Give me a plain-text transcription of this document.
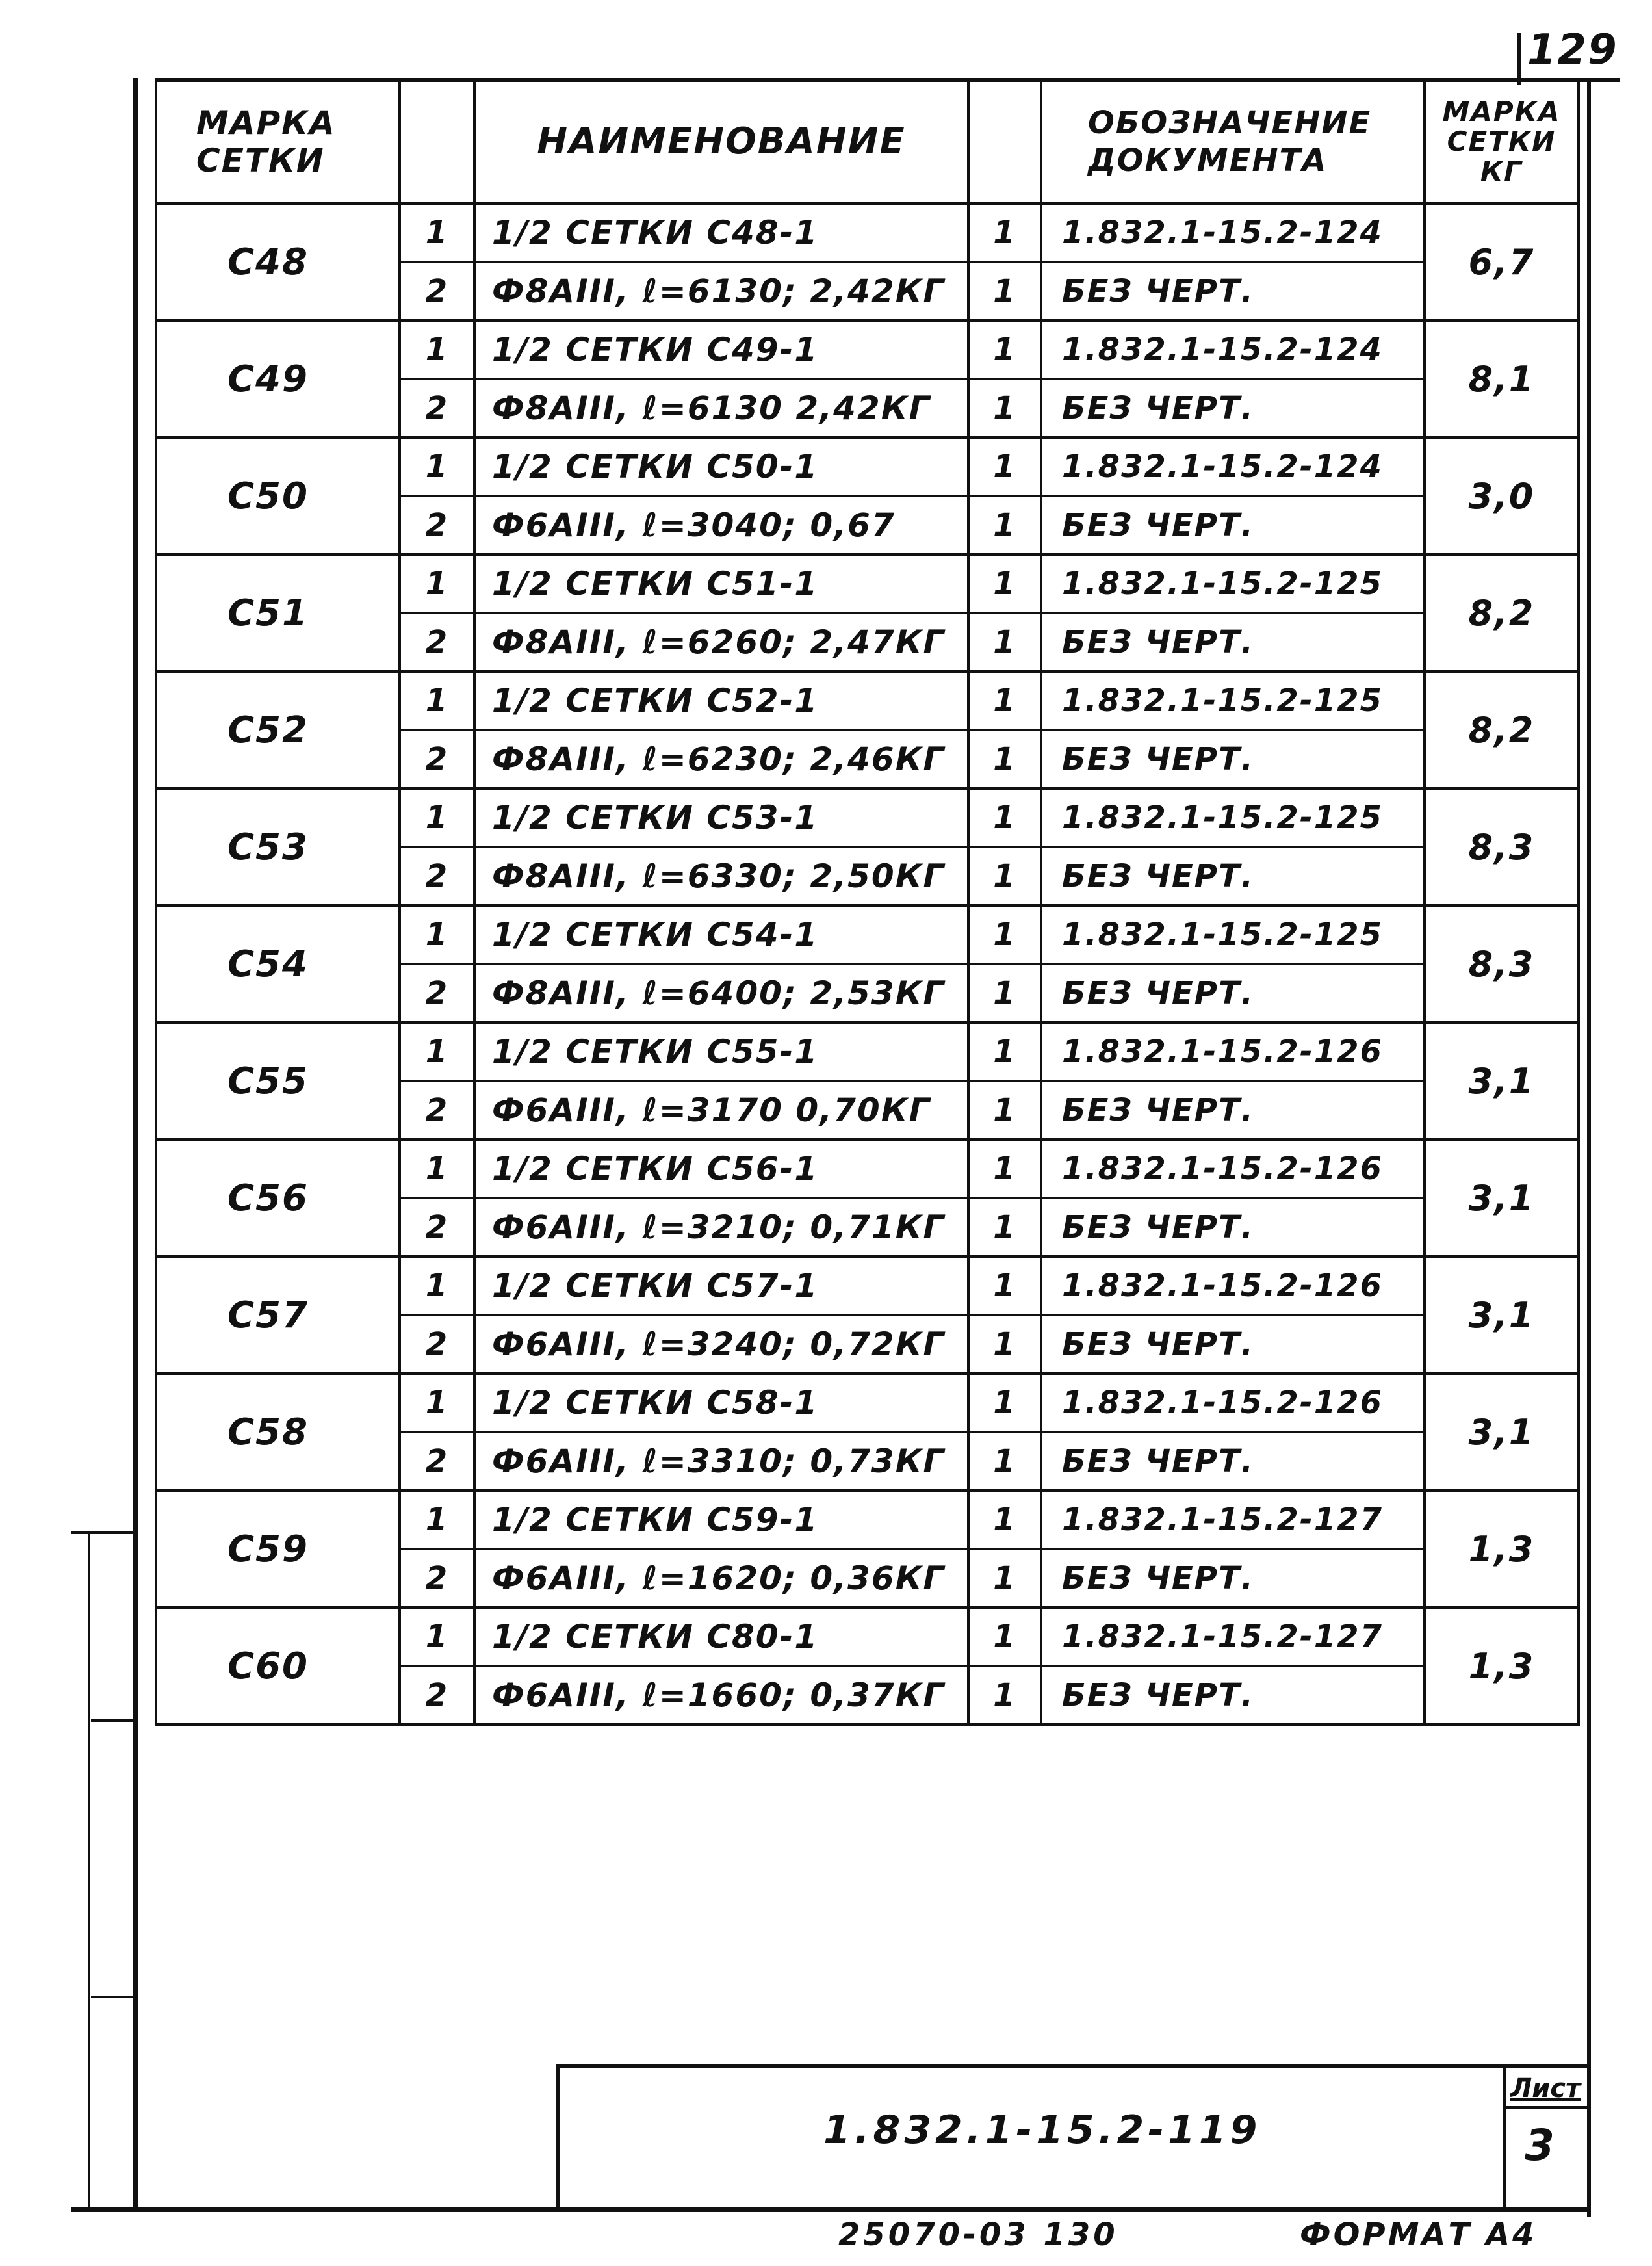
129
МАРКА СЕТКИ		НАИМЕНОВАНИЕ		ОБОЗНАЧЕНИЕ ДОКУМЕНТА	МАРКА СЕТКИ КГ
С48	1	1/2 СЕТКИ С48-1	1	1.832.1-15.2-124	6,7
	2	Ф8АIII, ℓ=6130; 2,42КГ	1	БЕЗ ЧЕРТ.	
С49	1	1/2 СЕТКИ С49-1	1	1.832.1-15.2-124	8,1
	2	Ф8АIII, ℓ=6130 2,42КГ	1	БЕЗ ЧЕРТ.	
С50	1	1/2 СЕТКИ С50-1	1	1.832.1-15.2-124	3,0
	2	Ф6АIII, ℓ=3040; 0,67	1	БЕЗ ЧЕРТ.	
С51	1	1/2 СЕТКИ С51-1	1	1.832.1-15.2-125	8,2
	2	Ф8АIII, ℓ=6260; 2,47КГ	1	БЕЗ ЧЕРТ.	
С52	1	1/2 СЕТКИ С52-1	1	1.832.1-15.2-125	8,2
	2	Ф8АIII, ℓ=6230; 2,46КГ	1	БЕЗ ЧЕРТ.	
С53	1	1/2 СЕТКИ С53-1	1	1.832.1-15.2-125	8,3
	2	Ф8АIII, ℓ=6330; 2,50КГ	1	БЕЗ ЧЕРТ.	
С54	1	1/2 СЕТКИ С54-1	1	1.832.1-15.2-125	8,3
	2	Ф8АIII, ℓ=6400; 2,53КГ	1	БЕЗ ЧЕРТ.	
С55	1	1/2 СЕТКИ С55-1	1	1.832.1-15.2-126	3,1
	2	Ф6АIII, ℓ=3170 0,70КГ	1	БЕЗ ЧЕРТ.	
С56	1	1/2 СЕТКИ С56-1	1	1.832.1-15.2-126	3,1
	2	Ф6АIII, ℓ=3210; 0,71КГ	1	БЕЗ ЧЕРТ.	
С57	1	1/2 СЕТКИ С57-1	1	1.832.1-15.2-126	3,1
	2	Ф6АIII, ℓ=3240; 0,72КГ	1	БЕЗ ЧЕРТ.	
С58	1	1/2 СЕТКИ С58-1	1	1.832.1-15.2-126	3,1
	2	Ф6АIII, ℓ=3310; 0,73КГ	1	БЕЗ ЧЕРТ.	
С59	1	1/2 СЕТКИ С59-1	1	1.832.1-15.2-127	1,3
	2	Ф6АIII, ℓ=1620; 0,36КГ	1	БЕЗ ЧЕРТ.	
С60	1	1/2 СЕТКИ С80-1	1	1.832.1-15.2-127	1,3
	2	Ф6АIII, ℓ=1660; 0,37КГ	1	БЕЗ ЧЕРТ.	
1.832.1-15.2-119
Лист
3
25070-03 130	ФОРМАТ А4
